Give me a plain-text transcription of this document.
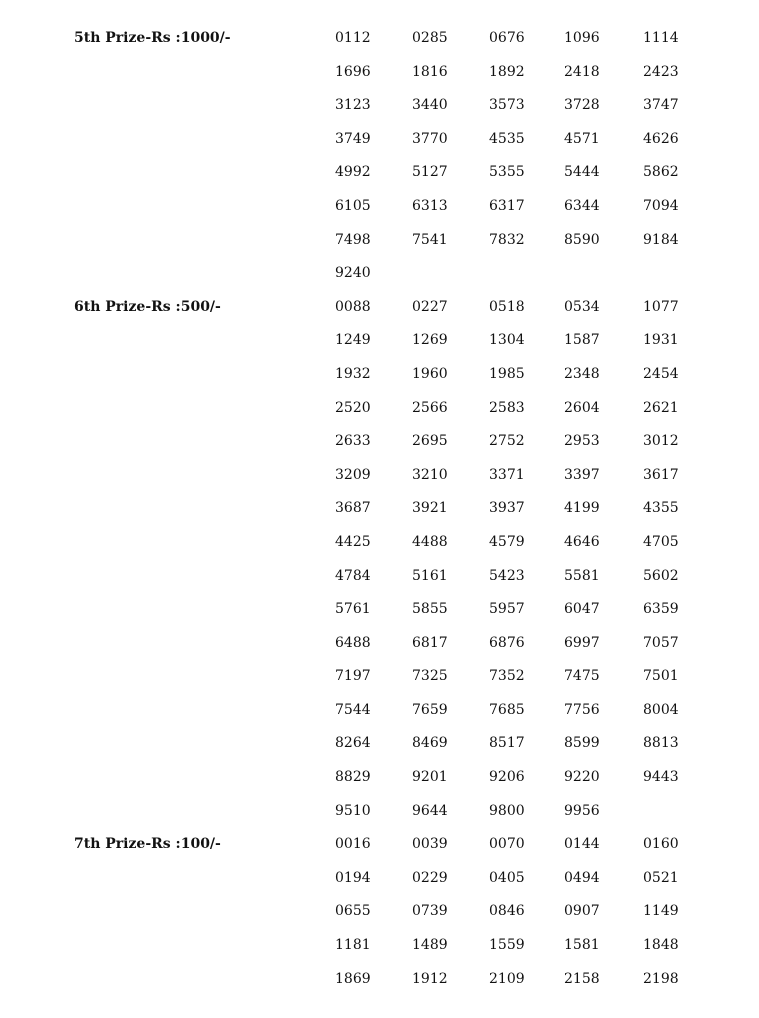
5th Prize-Rs :1000/-	0112	0285	0676	1096	1114
1696	1816	1892	2418	2423
3123	3440	3573	3728	3747
3749	3770	4535	4571	4626
4992	5127	5355	5444	5862
6105	6313	6317	6344	7094
7498	7541	7832	8590	9184
9240
6th Prize-Rs :500/-	0088	0227	0518	0534	1077
1249	1269	1304	1587	1931
1932	1960	1985	2348	2454
2520	2566	2583	2604	2621
2633	2695	2752	2953	3012
3209	3210	3371	3397	3617
3687	3921	3937	4199	4355
4425	4488	4579	4646	4705
4784	5161	5423	5581	5602
5761	5855	5957	6047	6359
6488	6817	6876	6997	7057
7197	7325	7352	7475	7501
7544	7659	7685	7756	8004
8264	8469	8517	8599	8813
8829	9201	9206	9220	9443
9510	9644	9800	9956
7th Prize-Rs :100/-	0016	0039	0070	0144	0160
0194	0229	0405	0494	0521
0655	0739	0846	0907	1149
1181	1489	1559	1581	1848
1869	1912	2109	2158	2198
